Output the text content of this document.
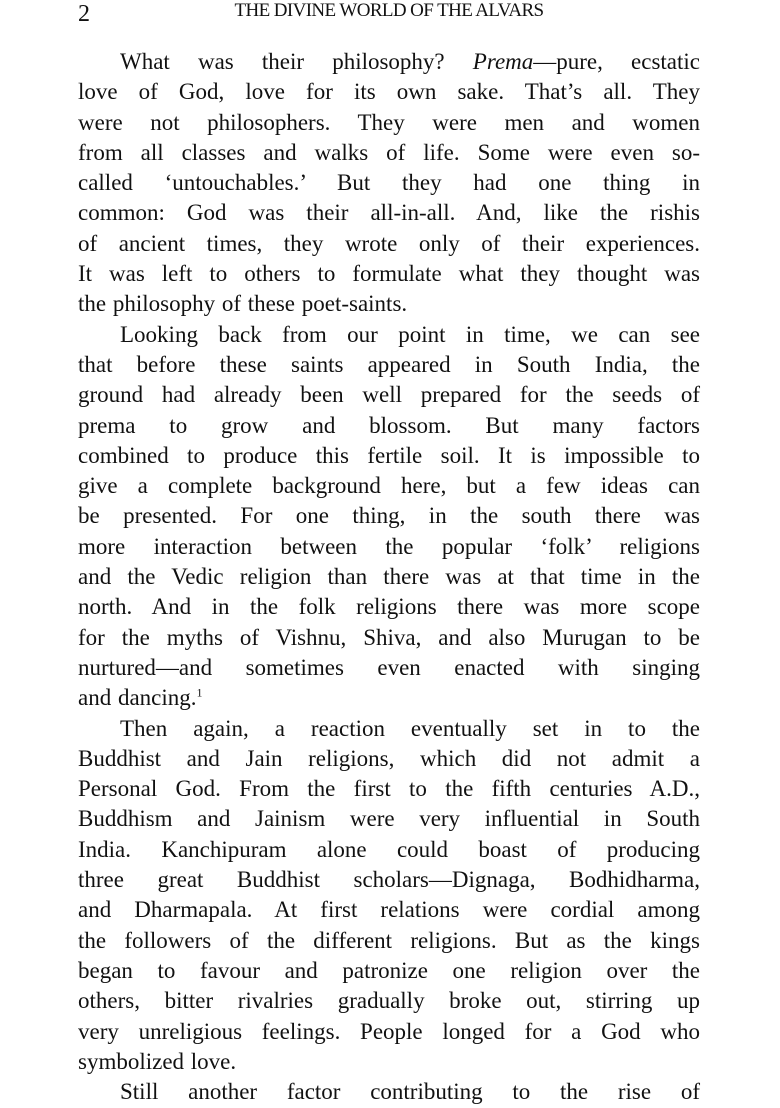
2	THE DIVINE WORLD OF THE ALVARS
What was their philosophy? Prema—pure, ecstatic
love of God, love for its own sake. That’s all. They
were not philosophers. They were men and women
from all classes and walks of life. Some were even so-
called ‘untouchables.’ But they had one thing in
common: God was their all-in-all. And, like the rishis
of ancient times, they wrote only of their experiences.
It was left to others to formulate what they thought was
the philosophy of these poet-saints.
Looking back from our point in time, we can see
that before these saints appeared in South India, the
ground had already been well prepared for the seeds of
prema to grow and blossom. But many factors
combined to produce this fertile soil. It is impossible to
give a complete background here, but a few ideas can
be presented. For one thing, in the south there was
more interaction between the popular ‘folk’ religions
and the Vedic religion than there was at that time in the
north. And in the folk religions there was more scope
for the myths of Vishnu, Shiva, and also Murugan to be
nurtured—and sometimes even enacted with singing
and dancing.$^1$
Then again, a reaction eventually set in to the
Buddhist and Jain religions, which did not admit a
Personal God. From the first to the fifth centuries A.D.,
Buddhism and Jainism were very influential in South
India. Kanchipuram alone could boast of producing
three great Buddhist scholars—Dignaga, Bodhidharma,
and Dharmapala. At first relations were cordial among
the followers of the different religions. But as the kings
began to favour and patronize one religion over the
others, bitter rivalries gradually broke out, stirring up
very unreligious feelings. People longed for a God who
symbolized love.
Still another factor contributing to the rise of
